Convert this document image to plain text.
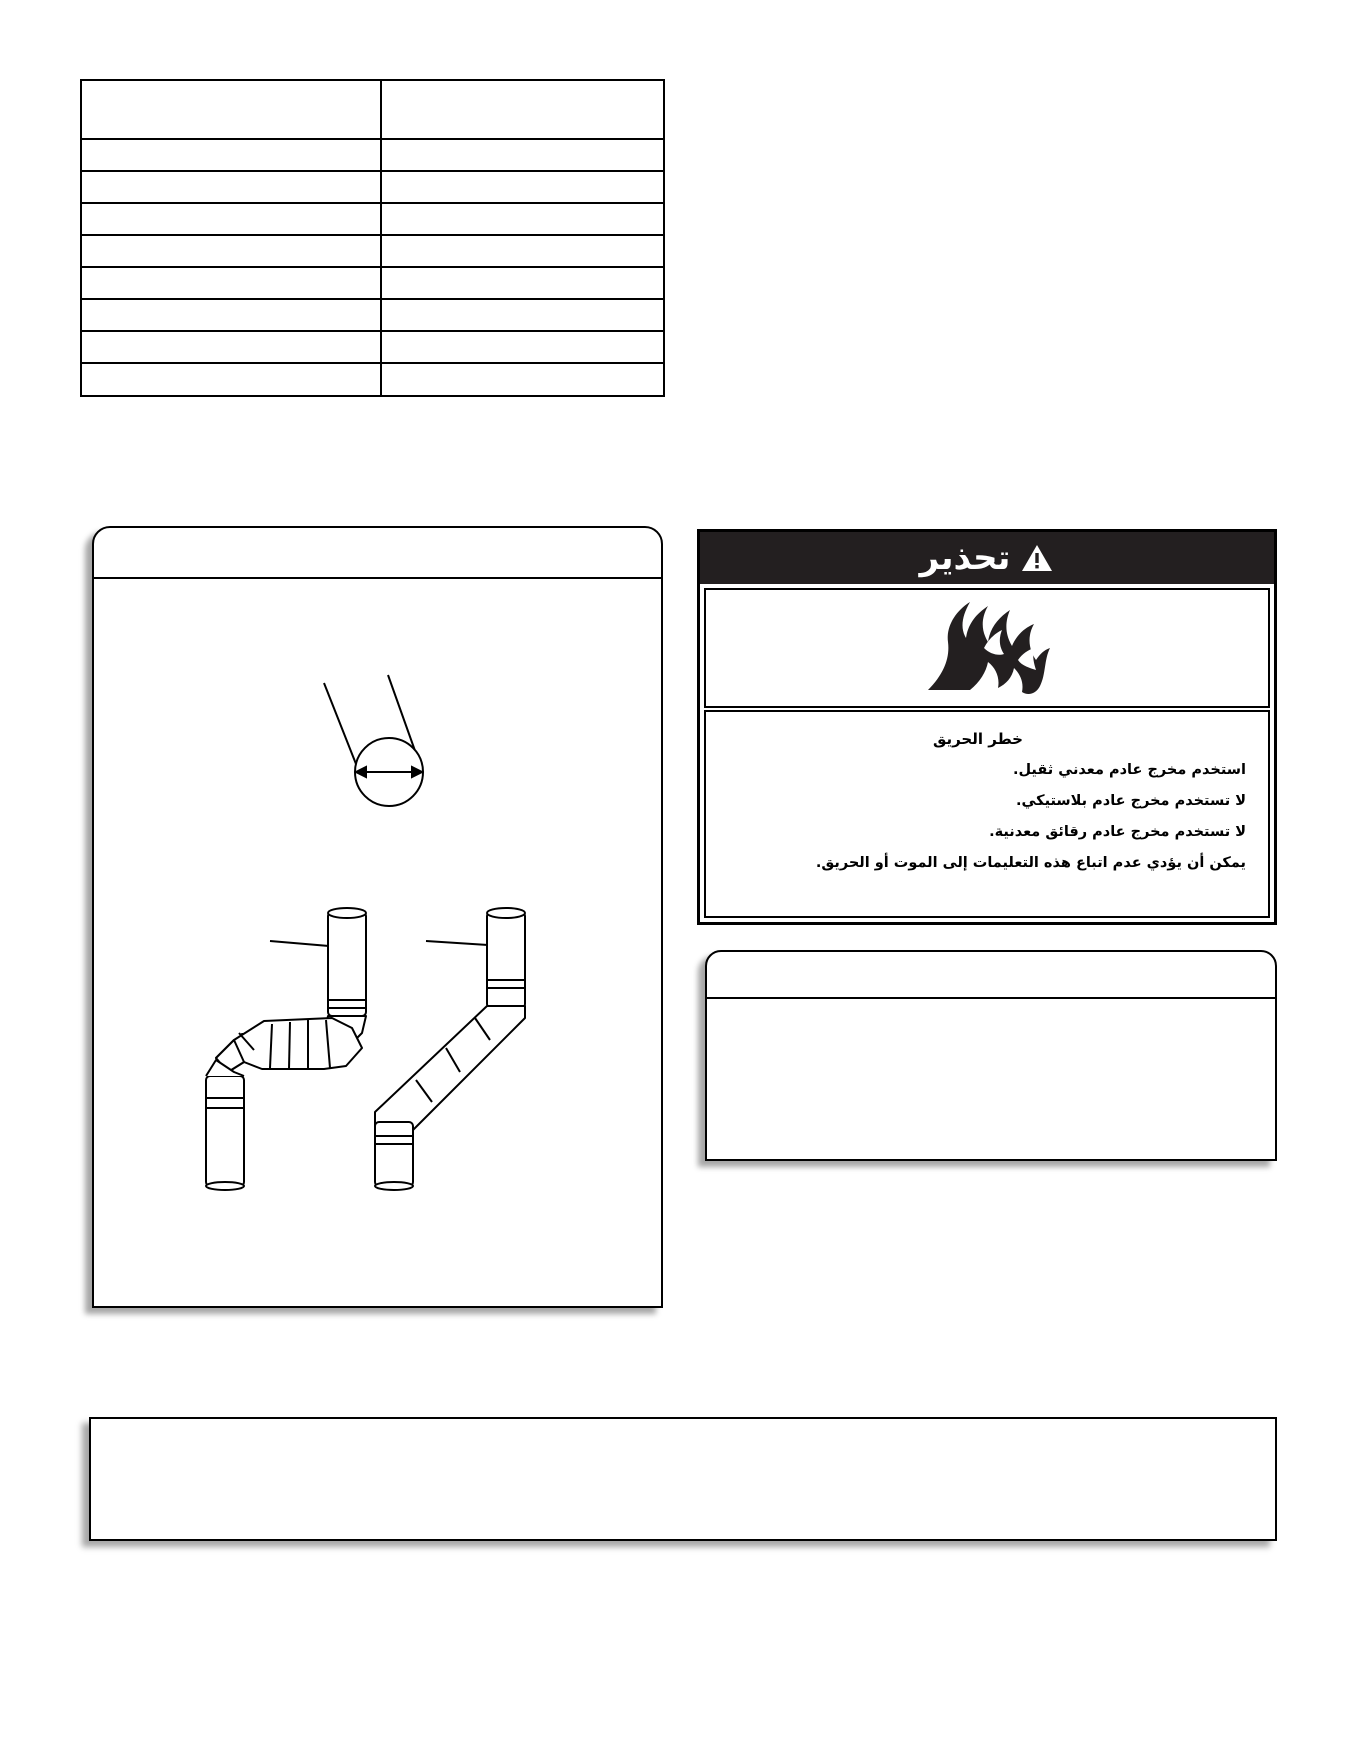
تحذير
خطر الحريق
استخدم مخرج عادم معدني ثقيل.
لا تستخدم مخرج عادم بلاستيكي.
لا تستخدم مخرج عادم رقائق معدنية.
يمكن أن يؤدي عدم اتباع هذه التعليمات إلى الموت أو الحريق.
